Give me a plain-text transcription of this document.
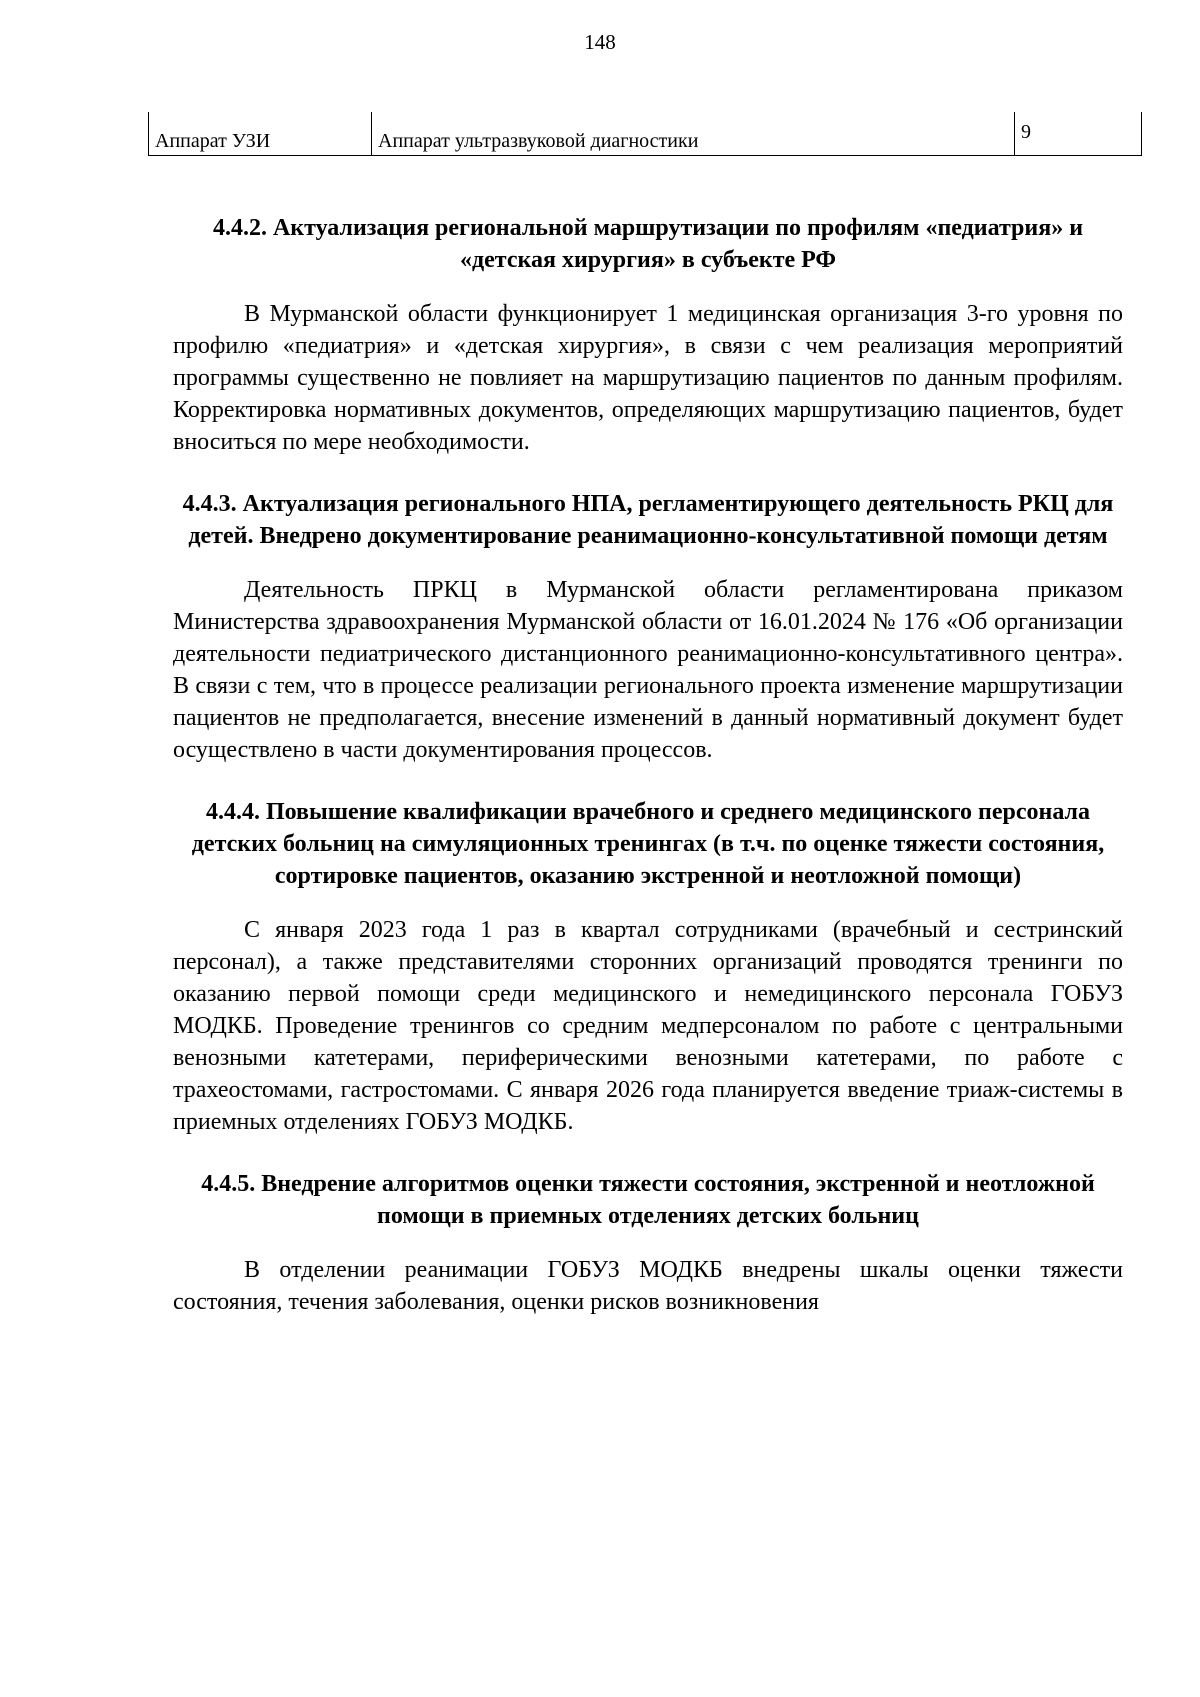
148
Аппарат УЗИ	Аппарат ультразвуковой диагностики	9
4.4.2. Актуализация региональной маршрутизации по профилям «педиатрия» и «детская хирургия» в субъекте РФ

В Мурманской области функционирует 1 медицинская организация 3-го уровня по профилю «педиатрия» и «детская хирургия», в связи с чем реализация мероприятий программы существенно не повлияет на маршрутизацию пациентов по данным профилям. Корректировка нормативных документов, определяющих маршрутизацию пациентов, будет вноситься по мере необходимости.

4.4.3. Актуализация регионального НПА, регламентирующего деятельность РКЦ для детей. Внедрено документирование реанимационно-консультативной помощи детям

Деятельность ПРКЦ в Мурманской области регламентирована приказом Министерства здравоохранения Мурманской области от 16.01.2024 № 176 «Об организации деятельности педиатрического дистанционного реанимационно-консультативного центра». В связи с тем, что в процессе реализации регионального проекта изменение маршрутизации пациентов не предполагается, внесение изменений в данный нормативный документ будет осуществлено в части документирования процессов.

4.4.4. Повышение квалификации врачебного и среднего медицинского персонала детских больниц на симуляционных тренингах (в т.ч. по оценке тяжести состояния, сортировке пациентов, оказанию экстренной и неотложной помощи)

С января 2023 года 1 раз в квартал сотрудниками (врачебный и сестринский персонал), а также представителями сторонних организаций проводятся тренинги по оказанию первой помощи среди медицинского и немедицинского персонала ГОБУЗ МОДКБ. Проведение тренингов со средним медперсоналом по работе с центральными венозными катетерами, периферическими венозными катетерами, по работе с трахеостомами, гастростомами. С января 2026 года планируется введение триаж-системы в приемных отделениях ГОБУЗ МОДКБ.

4.4.5. Внедрение алгоритмов оценки тяжести состояния, экстренной и неотложной помощи в приемных отделениях детских больниц

В отделении реанимации ГОБУЗ МОДКБ внедрены шкалы оценки тяжести состояния, течения заболевания, оценки рисков возникновения
